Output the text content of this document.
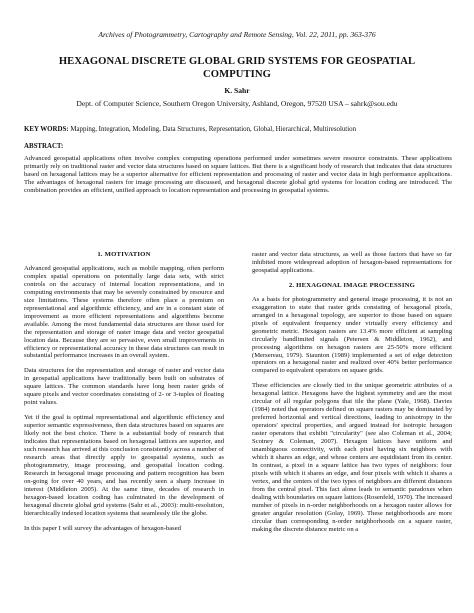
Archives of Photogrammetry, Cartography and Remote Sensing, Vol. 22, 2011, pp. 363-376
HEXAGONAL DISCRETE GLOBAL GRID SYSTEMS FOR GEOSPATIAL COMPUTING
K. Sahr
Dept. of Computer Science, Southern Oregon University, Ashland, Oregon, 97520 USA – sahrk@sou.edu
KEY WORDS: Mapping, Integration, Modeling, Data Structures, Representation, Global, Hierarchical, Multiresolution
ABSTRACT:
Advanced geospatial applications often involve complex computing operations performed under sometimes severe resource constraints. These applications primarily rely on traditional raster and vector data structures based on square lattices. But there is a significant body of research that indicates that data structures based on hexagonal lattices may be a superior alternative for efficient representation and processing of raster and vector data in high performance applications. The advantages of hexagonal rasters for image processing are discussed, and hexagonal discrete global grid systems for location coding are introduced. The combination provides an efficient, unified approach to location representation and processing in geospatial systems.
1. MOTIVATION

Advanced geospatial applications, such as mobile mapping, often perform complex spatial operations on potentially large data sets, with strict controls on the accuracy of internal location representations, and in computing environments that may be severely constrained by resource and size limitations. These systems therefore often place a premium on representational and algorithmic efficiency, and are in a constant state of improvement as more efficient representations and algorithms become available. Among the most fundamental data structures are those used for the representation and storage of raster image data and vector geospatial location data. Because they are so pervasive, even small improvements in efficiency or representational accuracy in these data structures can result in substantial performance increases in an overall system.

Data structures for the representation and storage of raster and vector data in geospatial applications have traditionally been built on substrates of square lattices. The common standards have long been raster grids of square pixels and vector coordinates consisting of 2- or 3-tuples of floating point values.

Yet if the goal is optimal representational and algorithmic efficiency and superior semantic expressiveness, then data structures based on squares are likely not the best choice. There is a substantial body of research that indicates that representations based on hexagonal lattices are superior, and such research has arrived at this conclusion consistently across a number of research areas that directly apply to geospatial systems, such as photogrammetry, image processing, and geospatial location coding. Research in hexagonal image processing and pattern recognition has been on-going for over 40 years, and has recently seen a sharp increase in interest (Middleton 2005). At the same time, decades of research in hexagon-based location coding has culminated in the development of hexagonal discrete global grid systems (Sahr et al., 2003): multi-resolution, hierarchically indexed location systems that seamlessly tile the globe.

In this paper I will survey the advantages of hexagon-based

raster and vector data structures, as well as those factors that have so far inhibited more widespread adoption of hexagon-based representations for geospatial applications.

2. HEXAGONAL IMAGE PROCESSING

As a basis for photogrammetry and general image processing, it is not an exaggeration to state that raster grids consisting of hexagonal pixels, arranged in a hexagonal topology, are superior to those based on square pixels of equivalent frequency under virtually every efficiency and geometric metric. Hexagon rasters are 13.4% more efficient at sampling circularly bandlimited signals (Petersen & Middleton, 1962), and processing algorithms on hexagon rasters are 25-50% more efficient (Mersereau, 1979). Staunton (1989) implemented a set of edge detection operators on a hexagonal raster and realized over 40% better performance compared to equivalent operators on square grids.

These efficiencies are closely tied to the unique geometric attributes of a hexagonal lattice. Hexagons have the highest symmetry and are the most circular of all regular polygons that tile the plane (Yale, 1968). Davies (1984) noted that operators defined on square rasters may be dominated by preferred horizontal and vertical directions, leading to anisotropy in the operators' spectral properties, and argued instead for isotropic hexagon raster operators that exhibit "circularity" (see also Coleman et al., 2004; Scotney & Coleman, 2007). Hexagon lattices have uniform and unambiguous connectivity, with each pixel having six neighbors with which it shares an edge, and whose centers are equidistant from its center. In contrast, a pixel in a square lattice has two types of neighbors: four pixels with which it shares an edge, and four pixels with which it shares a vertex, and the centers of the two types of neighbors are different distances from the central pixel. This fact alone leads to semantic paradoxes when dealing with boundaries on square lattices (Rosenfeld, 1970). The increased number of pixels in n-order neighborhoods on a hexagon raster allows for greater angular resolution (Golay, 1969). These neighborhoods are more circular than corresponding n-order neighborhoods on a square raster, making the discrete distance metric on a
